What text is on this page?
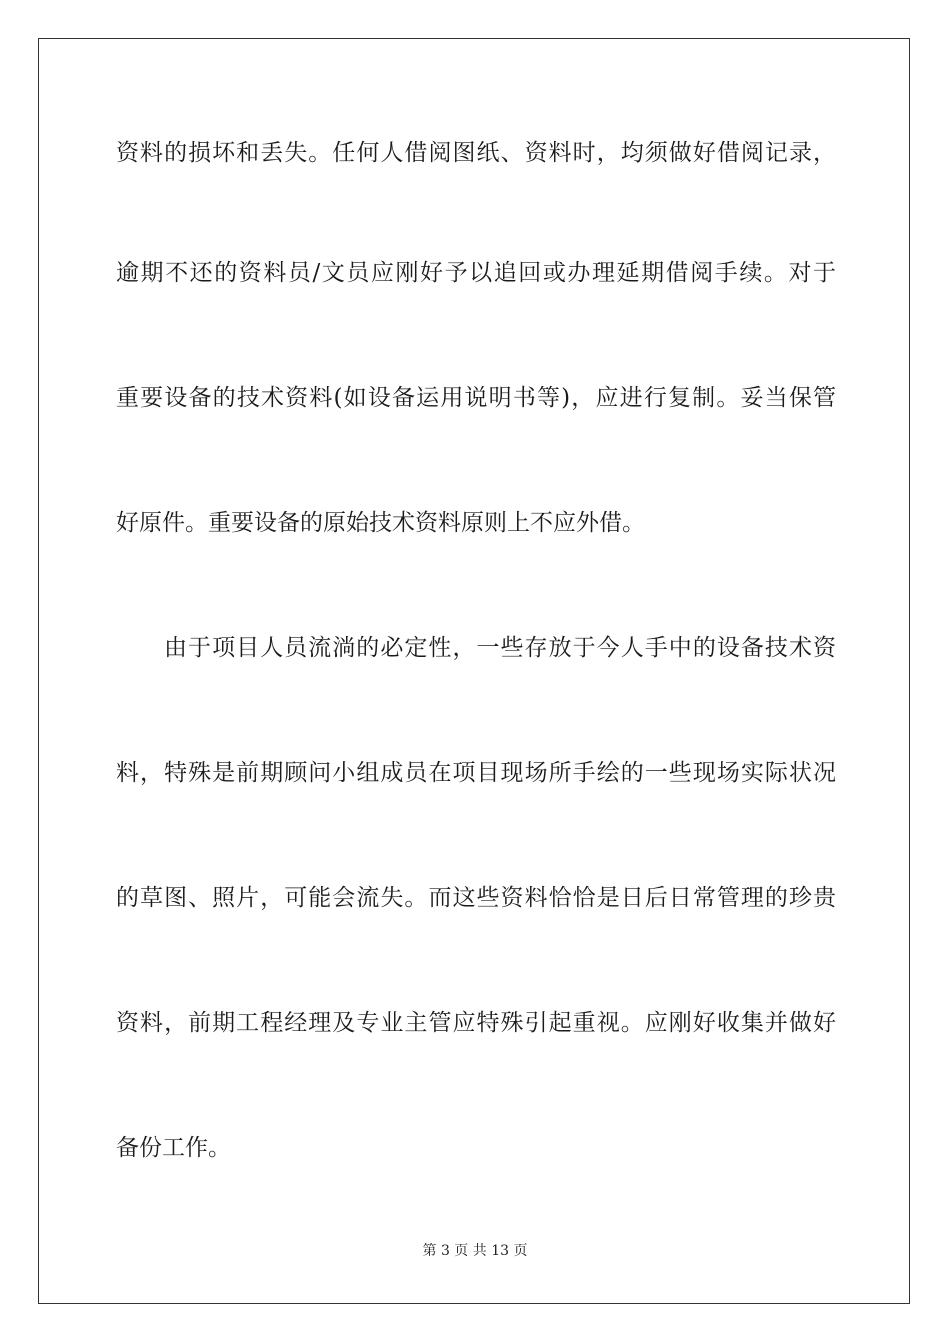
资料的损坏和丢失。任何人借阅图纸、资料时，均须做好借阅记录，

逾期不还的资料员/文员应刚好予以追回或办理延期借阅手续。对于

重要设备的技术资料(如设备运用说明书等)，应进行复制。妥当保管

好原件。重要设备的原始技术资料原则上不应外借。

由于项目人员流淌的必定性，一些存放于今人手中的设备技术资

料，特殊是前期顾问小组成员在项目现场所手绘的一些现场实际状况

的草图、照片，可能会流失。而这些资料恰恰是日后日常管理的珍贵

资料，前期工程经理及专业主管应特殊引起重视。应刚好收集并做好

备份工作。

第 3 页 共 13 页
